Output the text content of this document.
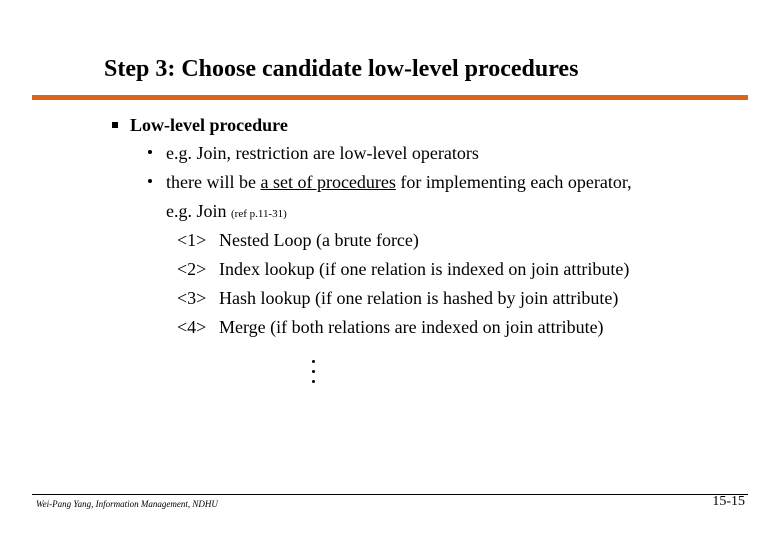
Step 3: Choose candidate low-level procedures
Low-level procedure
e.g. Join, restriction are low-level operators
there will be a set of procedures for implementing each operator,
e.g. Join (ref p.11-31)
<1> Nested Loop (a brute force)
<2> Index lookup (if one relation is indexed on join attribute)
<3> Hash lookup (if one relation is hashed by join attribute)
<4> Merge (if both relations are indexed on join attribute)
Wei-Pang Yang, Information Management, NDHU	15-15
